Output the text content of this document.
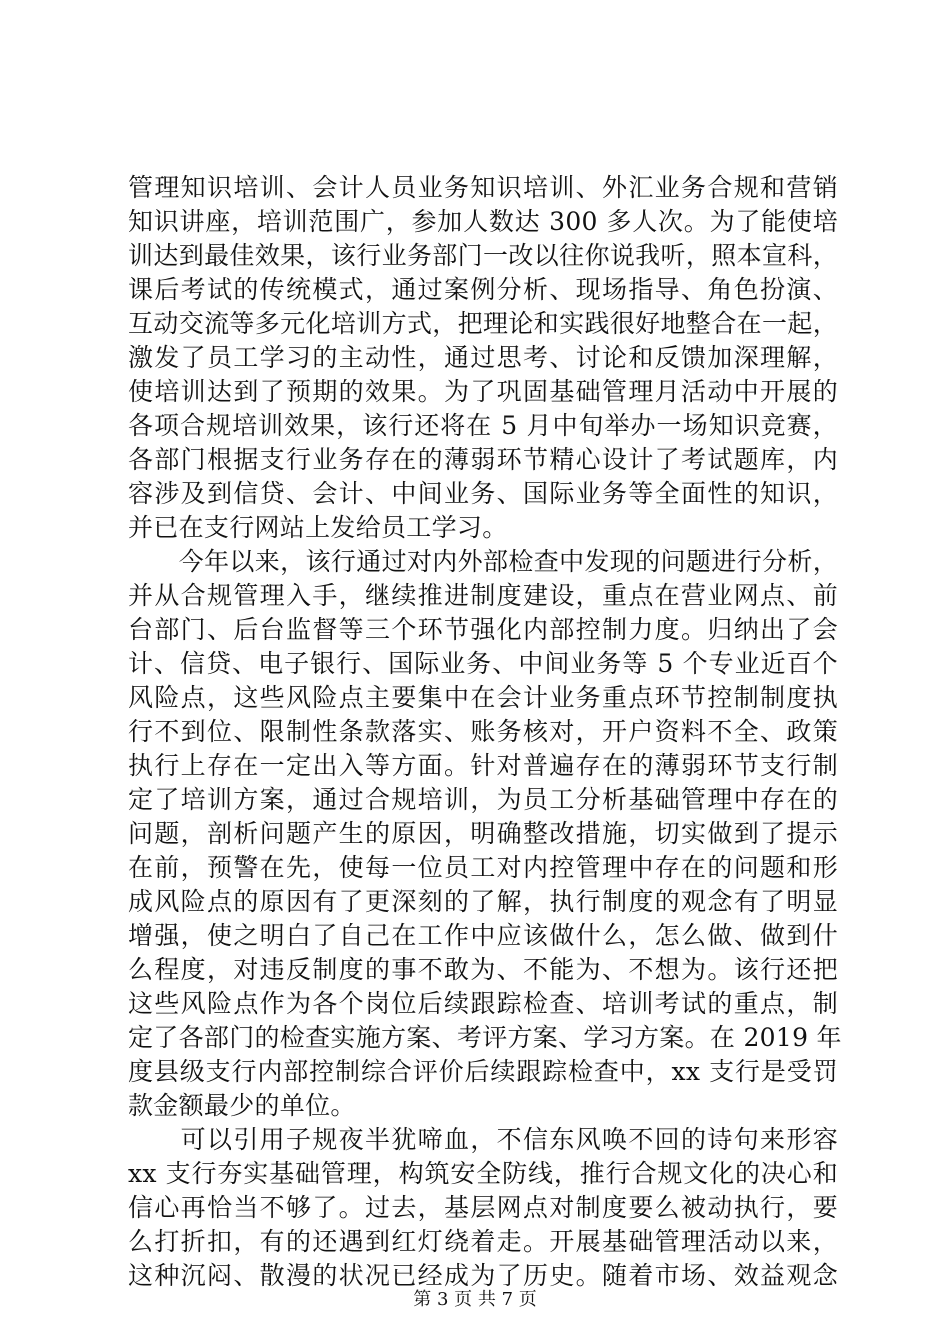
管理知识培训、会计人员业务知识培训、外汇业务合规和营销
知识讲座，培训范围广，参加人数达 300 多人次。为了能使培
训达到最佳效果，该行业务部门一改以往你说我听，照本宣科，
课后考试的传统模式，通过案例分析、现场指导、角色扮演、
互动交流等多元化培训方式，把理论和实践很好地整合在一起，
激发了员工学习的主动性，通过思考、讨论和反馈加深理解，
使培训达到了预期的效果。为了巩固基础管理月活动中开展的
各项合规培训效果，该行还将在 5 月中旬举办一场知识竞赛，
各部门根据支行业务存在的薄弱环节精心设计了考试题库，内
容涉及到信贷、会计、中间业务、国际业务等全面性的知识，
并已在支行网站上发给员工学习。
　　今年以来，该行通过对内外部检查中发现的问题进行分析，
并从合规管理入手，继续推进制度建设，重点在营业网点、前
台部门、后台监督等三个环节强化内部控制力度。归纳出了会
计、信贷、电子银行、国际业务、中间业务等 5 个专业近百个
风险点，这些风险点主要集中在会计业务重点环节控制制度执
行不到位、限制性条款落实、账务核对，开户资料不全、政策
执行上存在一定出入等方面。针对普遍存在的薄弱环节支行制
定了培训方案，通过合规培训，为员工分析基础管理中存在的
问题，剖析问题产生的原因，明确整改措施，切实做到了提示
在前，预警在先，使每一位员工对内控管理中存在的问题和形
成风险点的原因有了更深刻的了解，执行制度的观念有了明显
增强，使之明白了自己在工作中应该做什么，怎么做、做到什
么程度，对违反制度的事不敢为、不能为、不想为。该行还把
这些风险点作为各个岗位后续跟踪检查、培训考试的重点，制
定了各部门的检查实施方案、考评方案、学习方案。在 2019 年
度县级支行内部控制综合评价后续跟踪检查中，xx 支行是受罚
款金额最少的单位。
　　可以引用子规夜半犹啼血，不信东风唤不回的诗句来形容
xx 支行夯实基础管理，构筑安全防线，推行合规文化的决心和
信心再恰当不够了。过去，基层网点对制度要么被动执行，要
么打折扣，有的还遇到红灯绕着走。开展基础管理活动以来，
这种沉闷、散漫的状况已经成为了历史。随着市场、效益观念
第 3 页 共 7 页
